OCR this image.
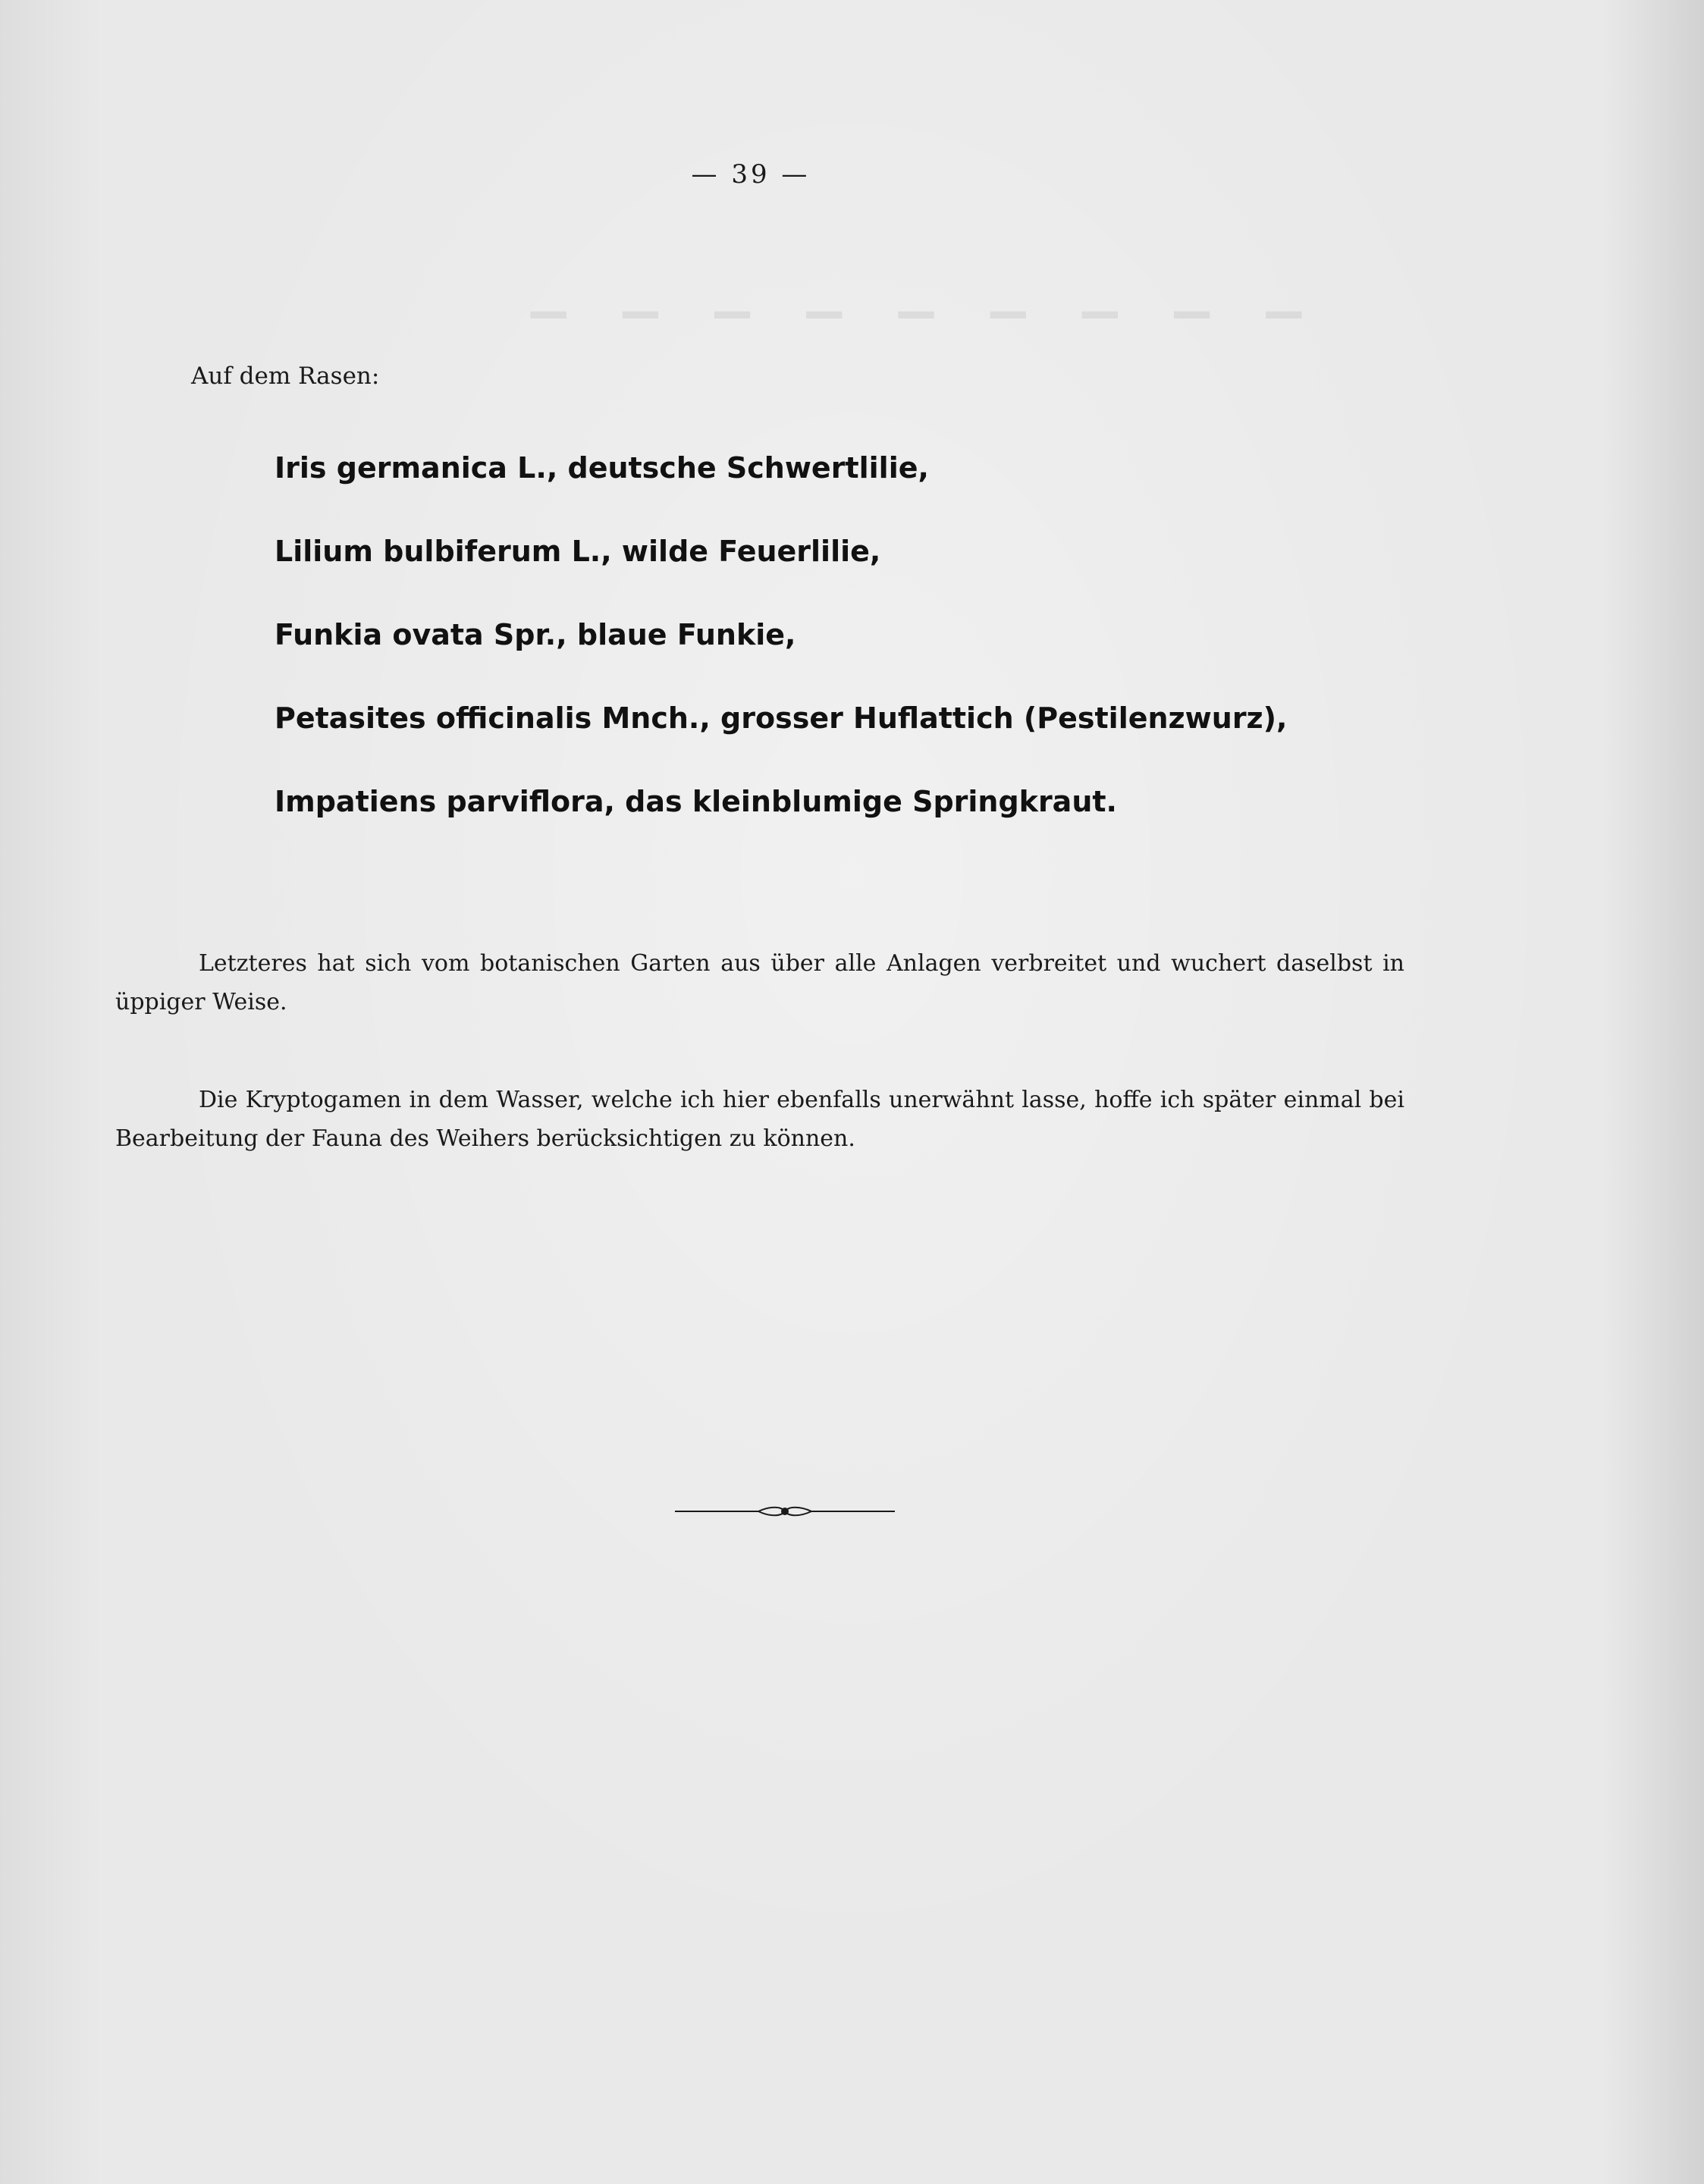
▁ ▁ ▁ ▁ ▁ ▁ ▁ ▁ ▁
— 39 —
Auf dem Rasen:
Iris germanica L., deutsche Schwertlilie,
Lilium bulbiferum L., wilde Feuerlilie,
Funkia ovata Spr., blaue Funkie,
Petasites officinalis Mnch., grosser Huflattich (Pestilenzwurz),
Impatiens parviflora, das kleinblumige Springkraut.

Letzteres hat sich vom botanischen Garten aus über alle Anlagen verbreitet und wuchert daselbst in üppiger Weise.

Die Kryptogamen in dem Wasser, welche ich hier ebenfalls unerwähnt lasse, hoffe ich später einmal bei Bearbeitung der Fauna des Weihers berücksichtigen zu können.
